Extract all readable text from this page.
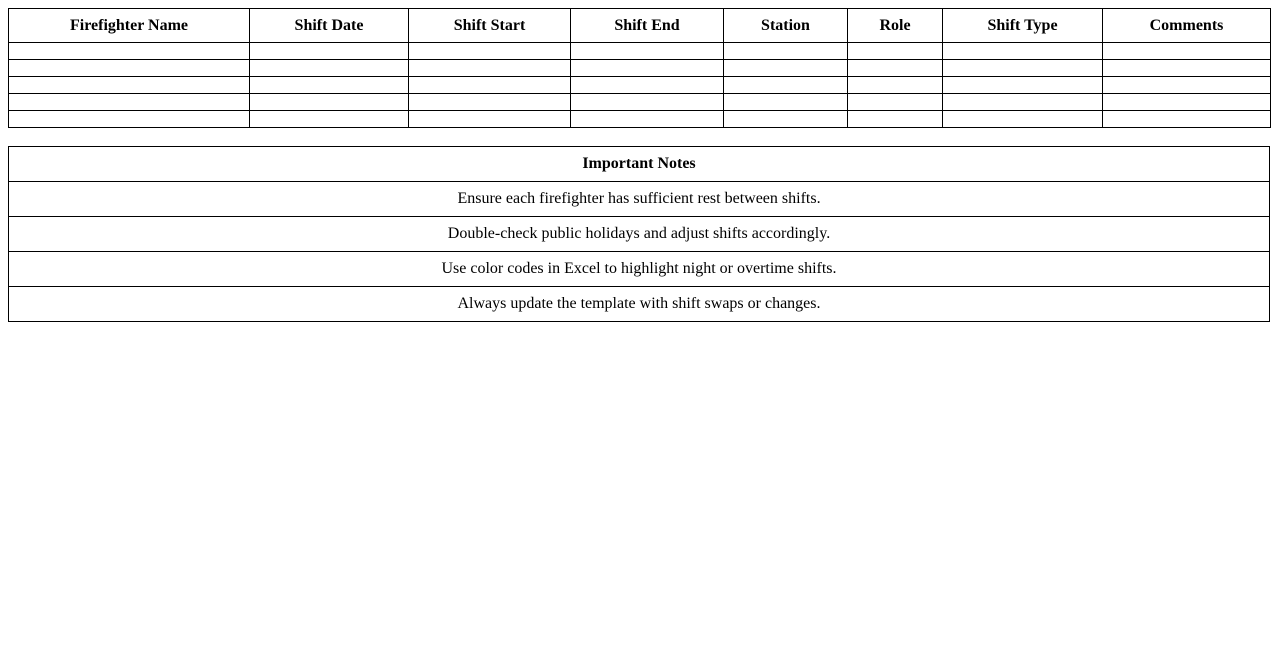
Firefighter Name	Shift Date	Shift Start	Shift End	Station	Role	Shift Type	Comments

Important Notes
Ensure each firefighter has sufficient rest between shifts.
Double-check public holidays and adjust shifts accordingly.
Use color codes in Excel to highlight night or overtime shifts.
Always update the template with shift swaps or changes.
